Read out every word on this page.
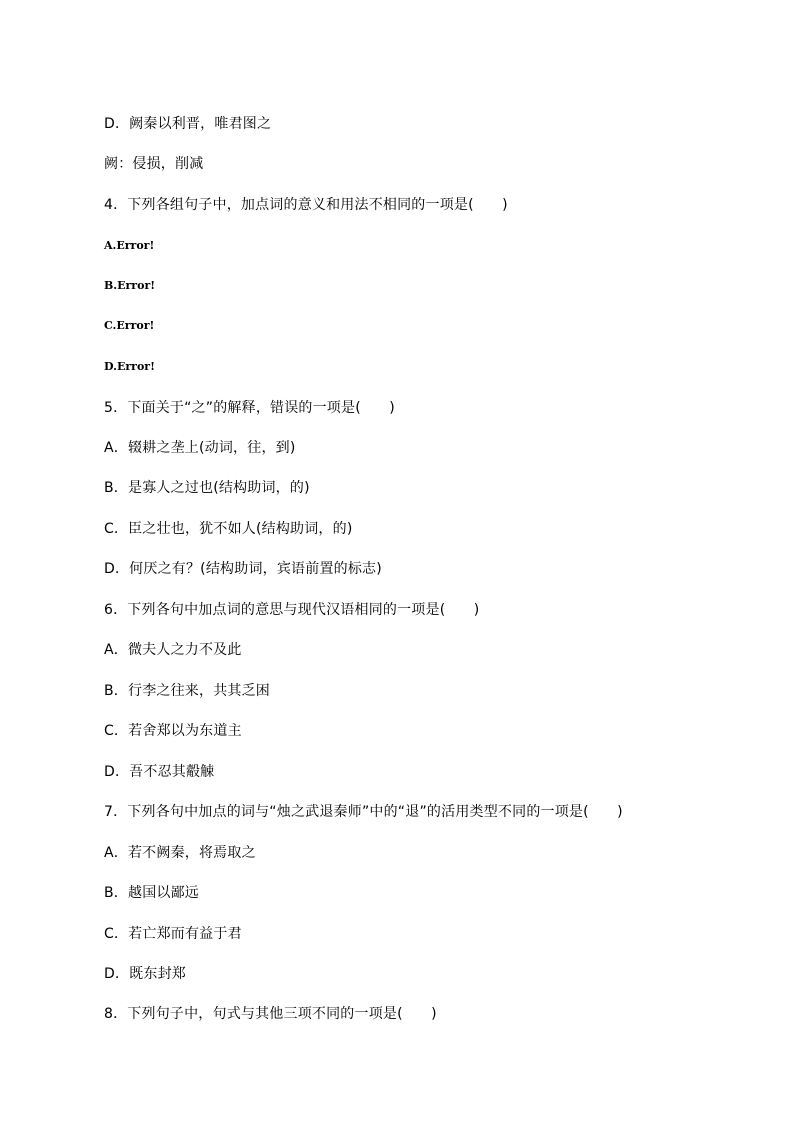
D．阙秦以利晋，唯君图之
阙：侵损，削减
4．下列各组句子中，加点词的意义和用法不相同的一项是(　　)
A.Error!
B.Error!
C.Error!
D.Error!
5．下面关于“之”的解释，错误的一项是(　　)
A．辍耕之垄上(动词，往，到)
B．是寡人之过也(结构助词，的)
C．臣之壮也，犹不如人(结构助词，的)
D．何厌之有？(结构助词，宾语前置的标志)
6．下列各句中加点词的意思与现代汉语相同的一项是(　　)
A．微夫人之力不及此
B．行李之往来，共其乏困
C．若舍郑以为东道主
D．吾不忍其觳觫
7．下列各句中加点的词与“烛之武退秦师”中的“退”的活用类型不同的一项是(　　)
A．若不阙秦，将焉取之
B．越国以鄙远
C．若亡郑而有益于君
D．既东封郑
8．下列句子中，句式与其他三项不同的一项是(　　)
